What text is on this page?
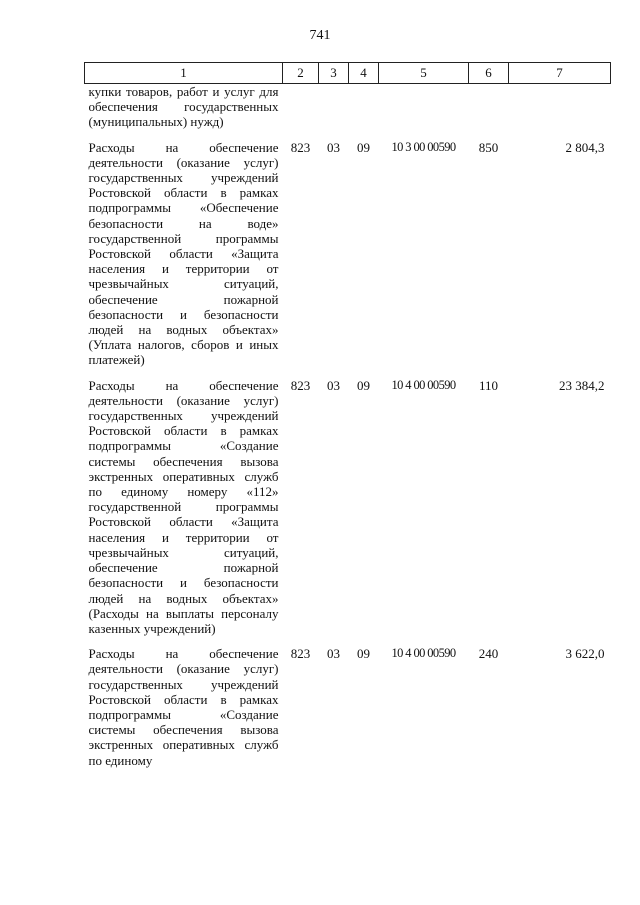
741
1	2	3	4	5	6	7
купки товаров, работ и услуг для обеспечения государственных (муниципальных) нужд)						
Расходы на обеспечение деятельности (оказание услуг) государственных учреждений Ростовской области в рамках подпрограммы «Обеспечение безопасности на воде» государственной программы Ростовской области «Защита населения и территории от чрезвычайных ситуаций, обеспечение пожарной безопасности и безопасности людей на водных объектах» (Уплата налогов, сборов и иных платежей)	823	03	09	10 3 00 00590	850	2 804,3
Расходы на обеспечение деятельности (оказание услуг) государственных учреждений Ростовской области в рамках подпрограммы «Создание системы обеспечения вызова экстренных оперативных служб по единому номеру «112» государственной программы Ростовской области «Защита населения и территории от чрезвычайных ситуаций, обеспечение пожарной безопасности и безопасности людей на водных объектах» (Расходы на выплаты персоналу казенных учреждений)	823	03	09	10 4 00 00590	110	23 384,2
Расходы на обеспечение деятельности (оказание услуг) государственных учреждений Ростовской области в рамках подпрограммы «Создание системы обеспечения вызова экстренных оперативных служб по единому	823	03	09	10 4 00 00590	240	3 622,0
